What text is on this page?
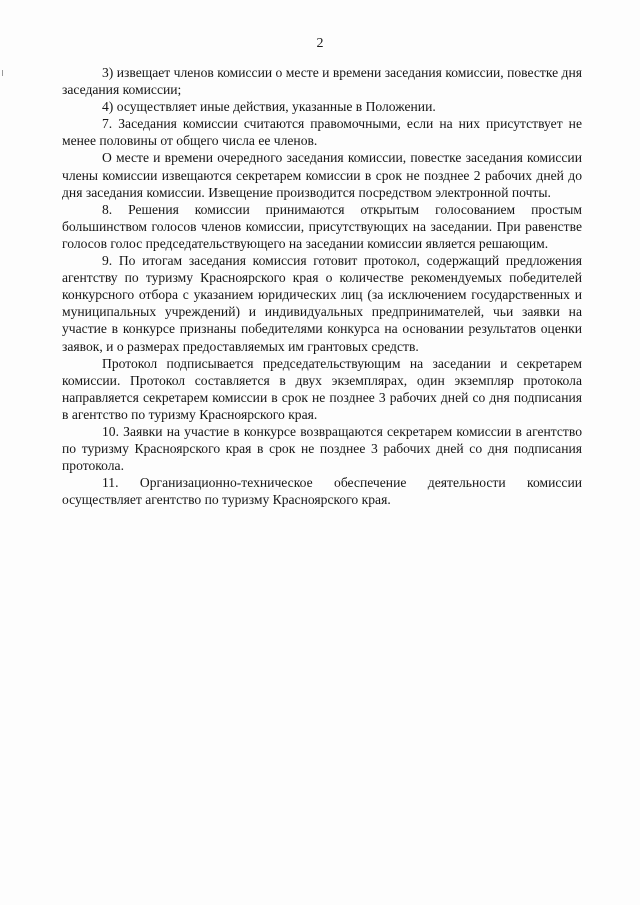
2

3) извещает членов комиссии о месте и времени заседания комиссии, повестке дня заседания комиссии;

4) осуществляет иные действия, указанные в Положении.

7. Заседания комиссии считаются правомочными, если на них присутствует не менее половины от общего числа ее членов.

О месте и времени очередного заседания комиссии, повестке заседания комиссии члены комиссии извещаются секретарем комиссии в срок не позднее 2 рабочих дней до дня заседания комиссии. Извещение производится посредством электронной почты.

8. Решения комиссии принимаются открытым голосованием простым большинством голосов членов комиссии, присутствующих на заседании. При равенстве голосов голос председательствующего на заседании комиссии является решающим.

9. По итогам заседания комиссия готовит протокол, содержащий предложения агентству по туризму Красноярского края о количестве рекомендуемых победителей конкурсного отбора с указанием юридических лиц (за исключением государственных и муниципальных учреждений) и индивидуальных предпринимателей, чьи заявки на участие в конкурсе признаны победителями конкурса на основании результатов оценки заявок, и о размерах предоставляемых им грантовых средств.

Протокол подписывается председательствующим на заседании и секретарем комиссии. Протокол составляется в двух экземплярах, один экземпляр протокола направляется секретарем комиссии в срок не позднее 3 рабочих дней со дня подписания в агентство по туризму Красноярского края.

10. Заявки на участие в конкурсе возвращаются секретарем комиссии в агентство по туризму Красноярского края в срок не позднее 3 рабочих дней со дня подписания протокола.

11. Организационно-техническое обеспечение деятельности комиссии осуществляет агентство по туризму Красноярского края.
